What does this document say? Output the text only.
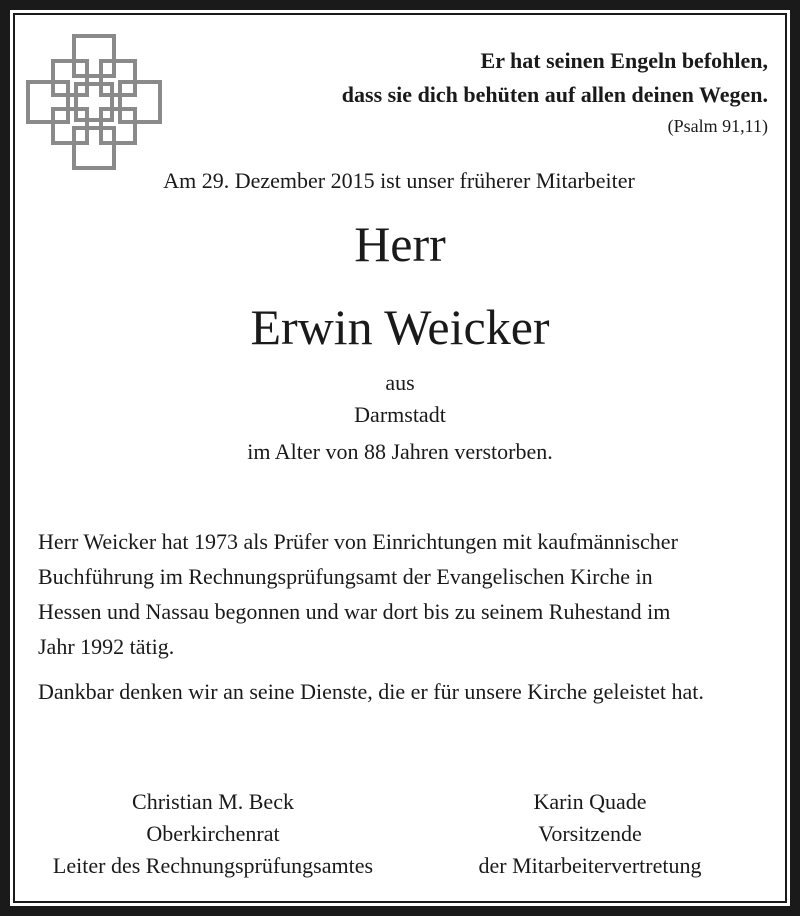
Er hat seinen Engeln befohlen,
dass sie dich behüten auf allen deinen Wegen.
(Psalm 91,11)
Am 29. Dezember 2015 ist unser früherer Mitarbeiter
Herr
Erwin Weicker
aus
Darmstadt
im Alter von 88 Jahren verstorben.

Herr Weicker hat 1973 als Prüfer von Einrichtungen mit kaufmännischer

Buchführung im Rechnungsprüfungsamt der Evangelischen Kirche in

Hessen und Nassau begonnen und war dort bis zu seinem Ruhestand im

Jahr 1992 tätig.

Dankbar denken wir an seine Dienste, die er für unsere Kirche geleistet hat.

Christian M. Beck
Oberkirchenrat
Leiter des Rechnungsprüfungsamtes
Karin Quade
Vorsitzende
der Mitarbeitervertretung
